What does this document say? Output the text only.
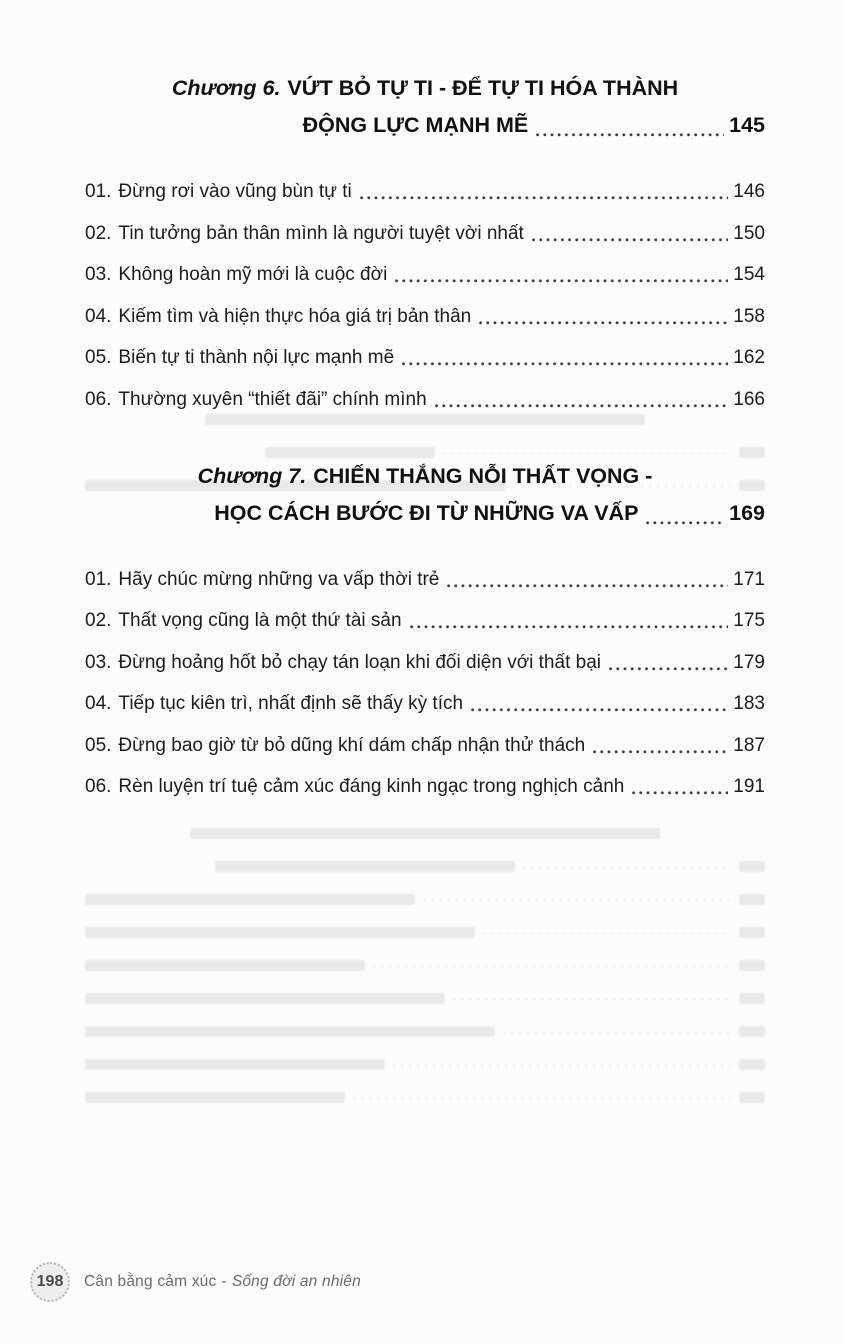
Chương 6. VỨT BỎ TỰ TI - ĐỂ TỰ TI HÓA THÀNH
ĐỘNG LỰC MẠNH MẼ	145
01. Đừng rơi vào vũng bùn tự ti	146
02. Tin tưởng bản thân mình là người tuyệt vời nhất	150
03. Không hoàn mỹ mới là cuộc đời	154
04. Kiếm tìm và hiện thực hóa giá trị bản thân	158
05. Biến tự ti thành nội lực mạnh mẽ	162
06. Thường xuyên “thiết đãi” chính mình	166
Chương 7. CHIẾN THẮNG NỖI THẤT VỌNG -
HỌC CÁCH BƯỚC ĐI TỪ NHỮNG VA VẤP	169
01. Hãy chúc mừng những va vấp thời trẻ	171
02. Thất vọng cũng là một thứ tài sản	175
03. Đừng hoảng hốt bỏ chạy tán loạn khi đối diện với thất bại	179
04. Tiếp tục kiên trì, nhất định sẽ thấy kỳ tích	183
05. Đừng bao giờ từ bỏ dũng khí dám chấp nhận thử thách	187
06. Rèn luyện trí tuệ cảm xúc đáng kinh ngạc trong nghịch cảnh	191
198 Cân bằng cảm xúc - Sống đời an nhiên
